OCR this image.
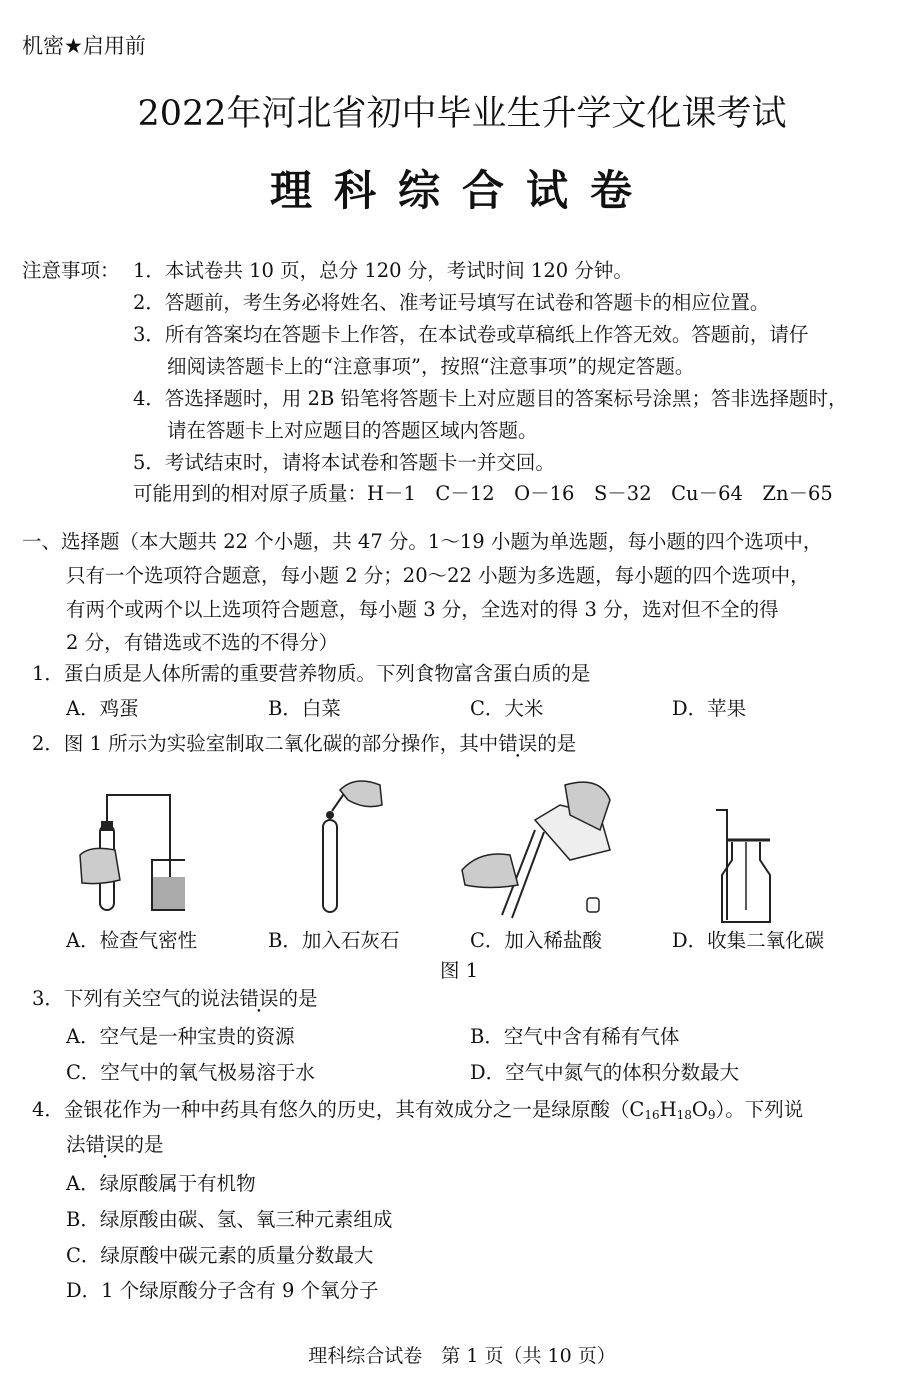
机密★启用前
2022年河北省初中毕业生升学文化课考试
理科综合试卷
注意事项： 1．本试卷共 10 页，总分 120 分，考试时间 120 分钟。
2．答题前，考生务必将姓名、准考证号填写在试卷和答题卡的相应位置。
3．所有答案均在答题卡上作答，在本试卷或草稿纸上作答无效。答题前，请仔
细阅读答题卡上的“注意事项”，按照“注意事项”的规定答题。
4．答选择题时，用 2B 铅笔将答题卡上对应题目的答案标号涂黑；答非选择题时，
请在答题卡上对应题目的答题区域内答题。
5．考试结束时，请将本试卷和答题卡一并交回。
可能用到的相对原子质量：H－1　C－12　O－16　S－32　Cu－64　Zn－65
一、选择题（本大题共 22 个小题，共 47 分。1～19 小题为单选题，每小题的四个选项中，
只有一个选项符合题意，每小题 2 分；20～22 小题为多选题，每小题的四个选项中，
有两个或两个以上选项符合题意，每小题 3 分，全选对的得 3 分，选对但不全的得
2 分，有错选或不选的不得分）
1．蛋白质是人体所需的重要营养物质。下列食物富含蛋白质的是
A．鸡蛋	B．白菜	C．大米	D．苹果
2．图 1 所示为实验室制取二氧化碳的部分操作，其中错误的是
A．检查气密性	B．加入石灰石	C．加入稀盐酸	D．收集二氧化碳
图 1
3．下列有关空气的说法错误的是
A．空气是一种宝贵的资源	B．空气中含有稀有气体
C．空气中的氧气极易溶于水	D．空气中氮气的体积分数最大
4．金银花作为一种中药具有悠久的历史，其有效成分之一是绿原酸$(C_{16}H_{18}O_9)$。下列说
法错误的是
A．绿原酸属于有机物
B．绿原酸由碳、氢、氧三种元素组成
C．绿原酸中碳元素的质量分数最大
D．1 个绿原酸分子含有 9 个氧分子
理科综合试卷　第 1 页（共 10 页）
